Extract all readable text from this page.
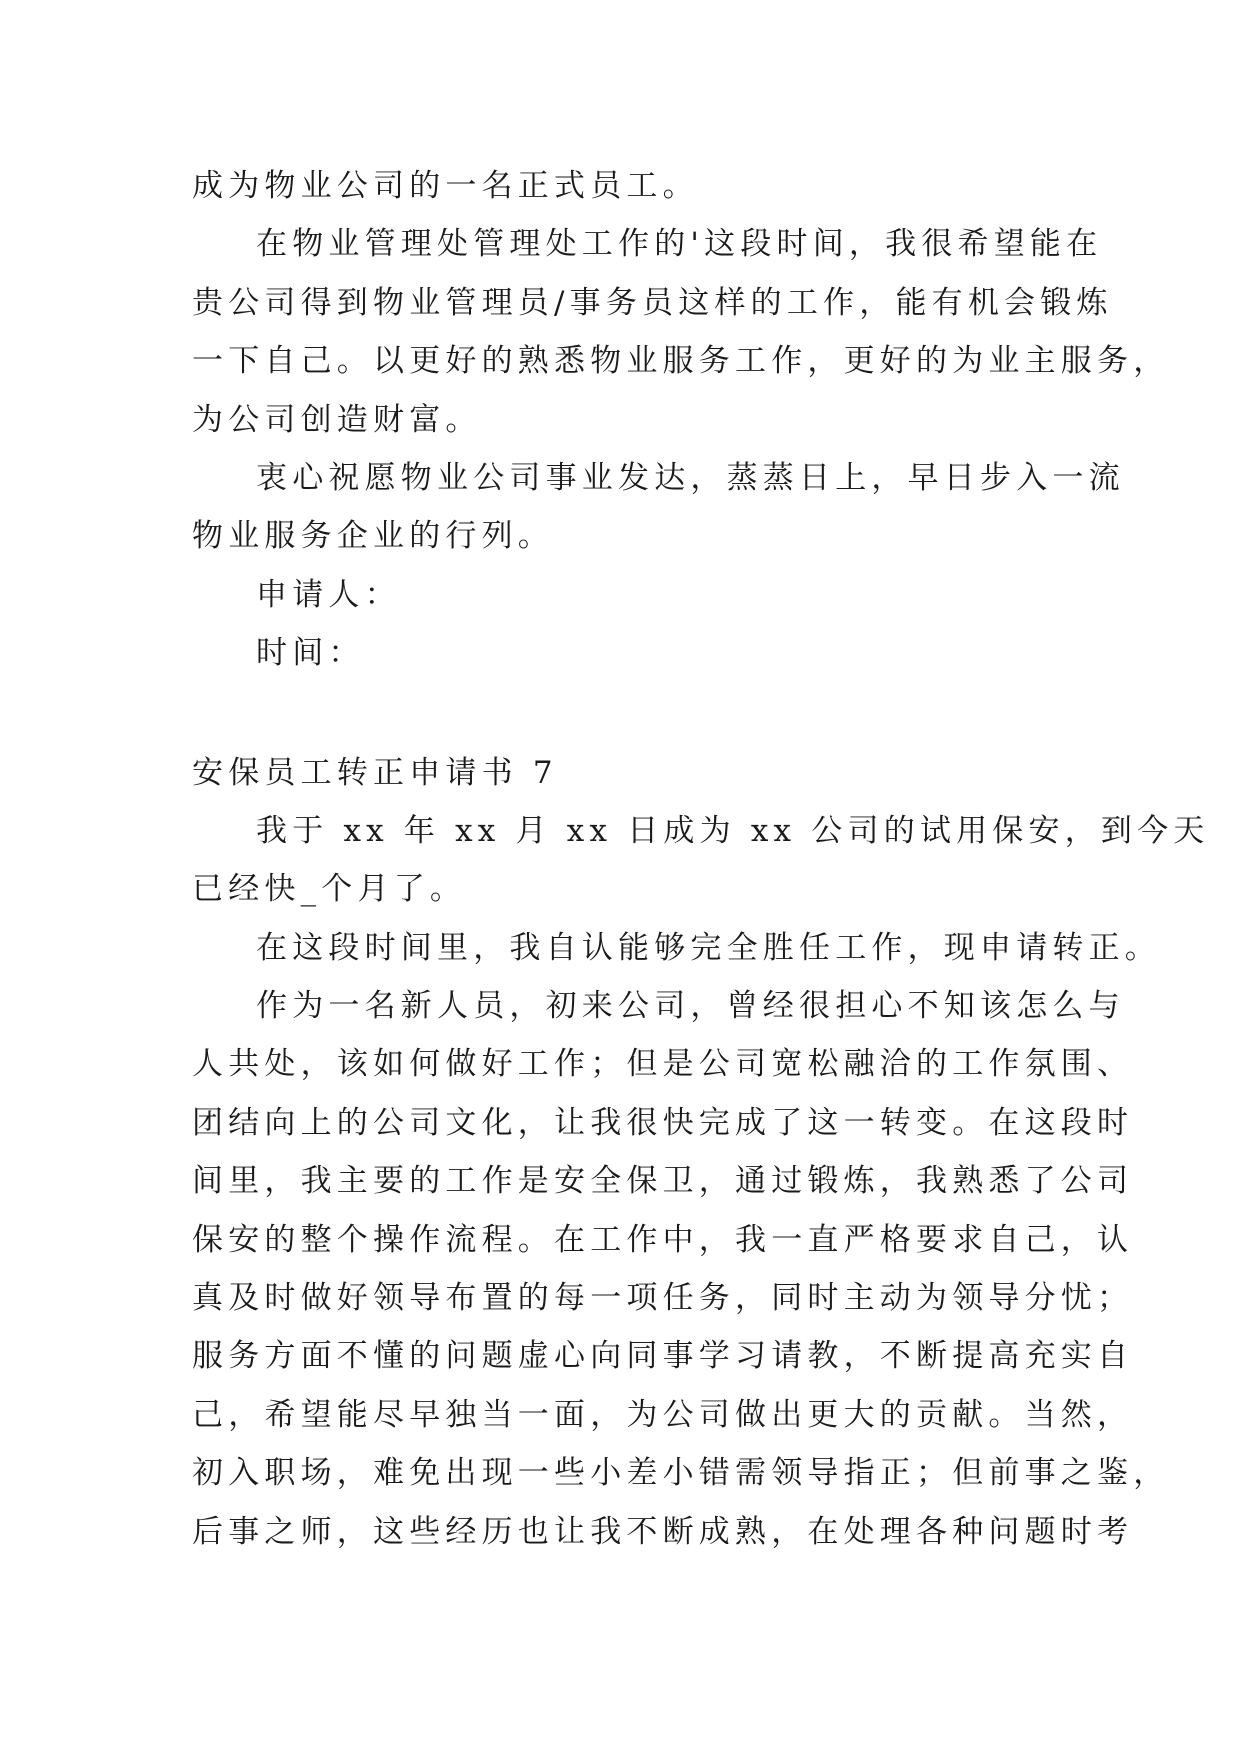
成为物业公司的一名正式员工。
在物业管理处管理处工作的'这段时间，我很希望能在
贵公司得到物业管理员/事务员这样的工作，能有机会锻炼
一下自己。以更好的熟悉物业服务工作，更好的为业主服务，
为公司创造财富。
衷心祝愿物业公司事业发达，蒸蒸日上，早日步入一流
物业服务企业的行列。
申请人：
时间：
安保员工转正申请书 7
我于 xx 年 xx 月 xx 日成为 xx 公司的试用保安，到今天
已经快_个月了。
在这段时间里，我自认能够完全胜任工作，现申请转正。
作为一名新人员，初来公司，曾经很担心不知该怎么与
人共处，该如何做好工作；但是公司宽松融洽的工作氛围、
团结向上的公司文化，让我很快完成了这一转变。在这段时
间里，我主要的工作是安全保卫，通过锻炼，我熟悉了公司
保安的整个操作流程。在工作中，我一直严格要求自己，认
真及时做好领导布置的每一项任务，同时主动为领导分忧；
服务方面不懂的问题虚心向同事学习请教，不断提高充实自
己，希望能尽早独当一面，为公司做出更大的贡献。当然，
初入职场，难免出现一些小差小错需领导指正；但前事之鉴，
后事之师，这些经历也让我不断成熟，在处理各种问题时考
